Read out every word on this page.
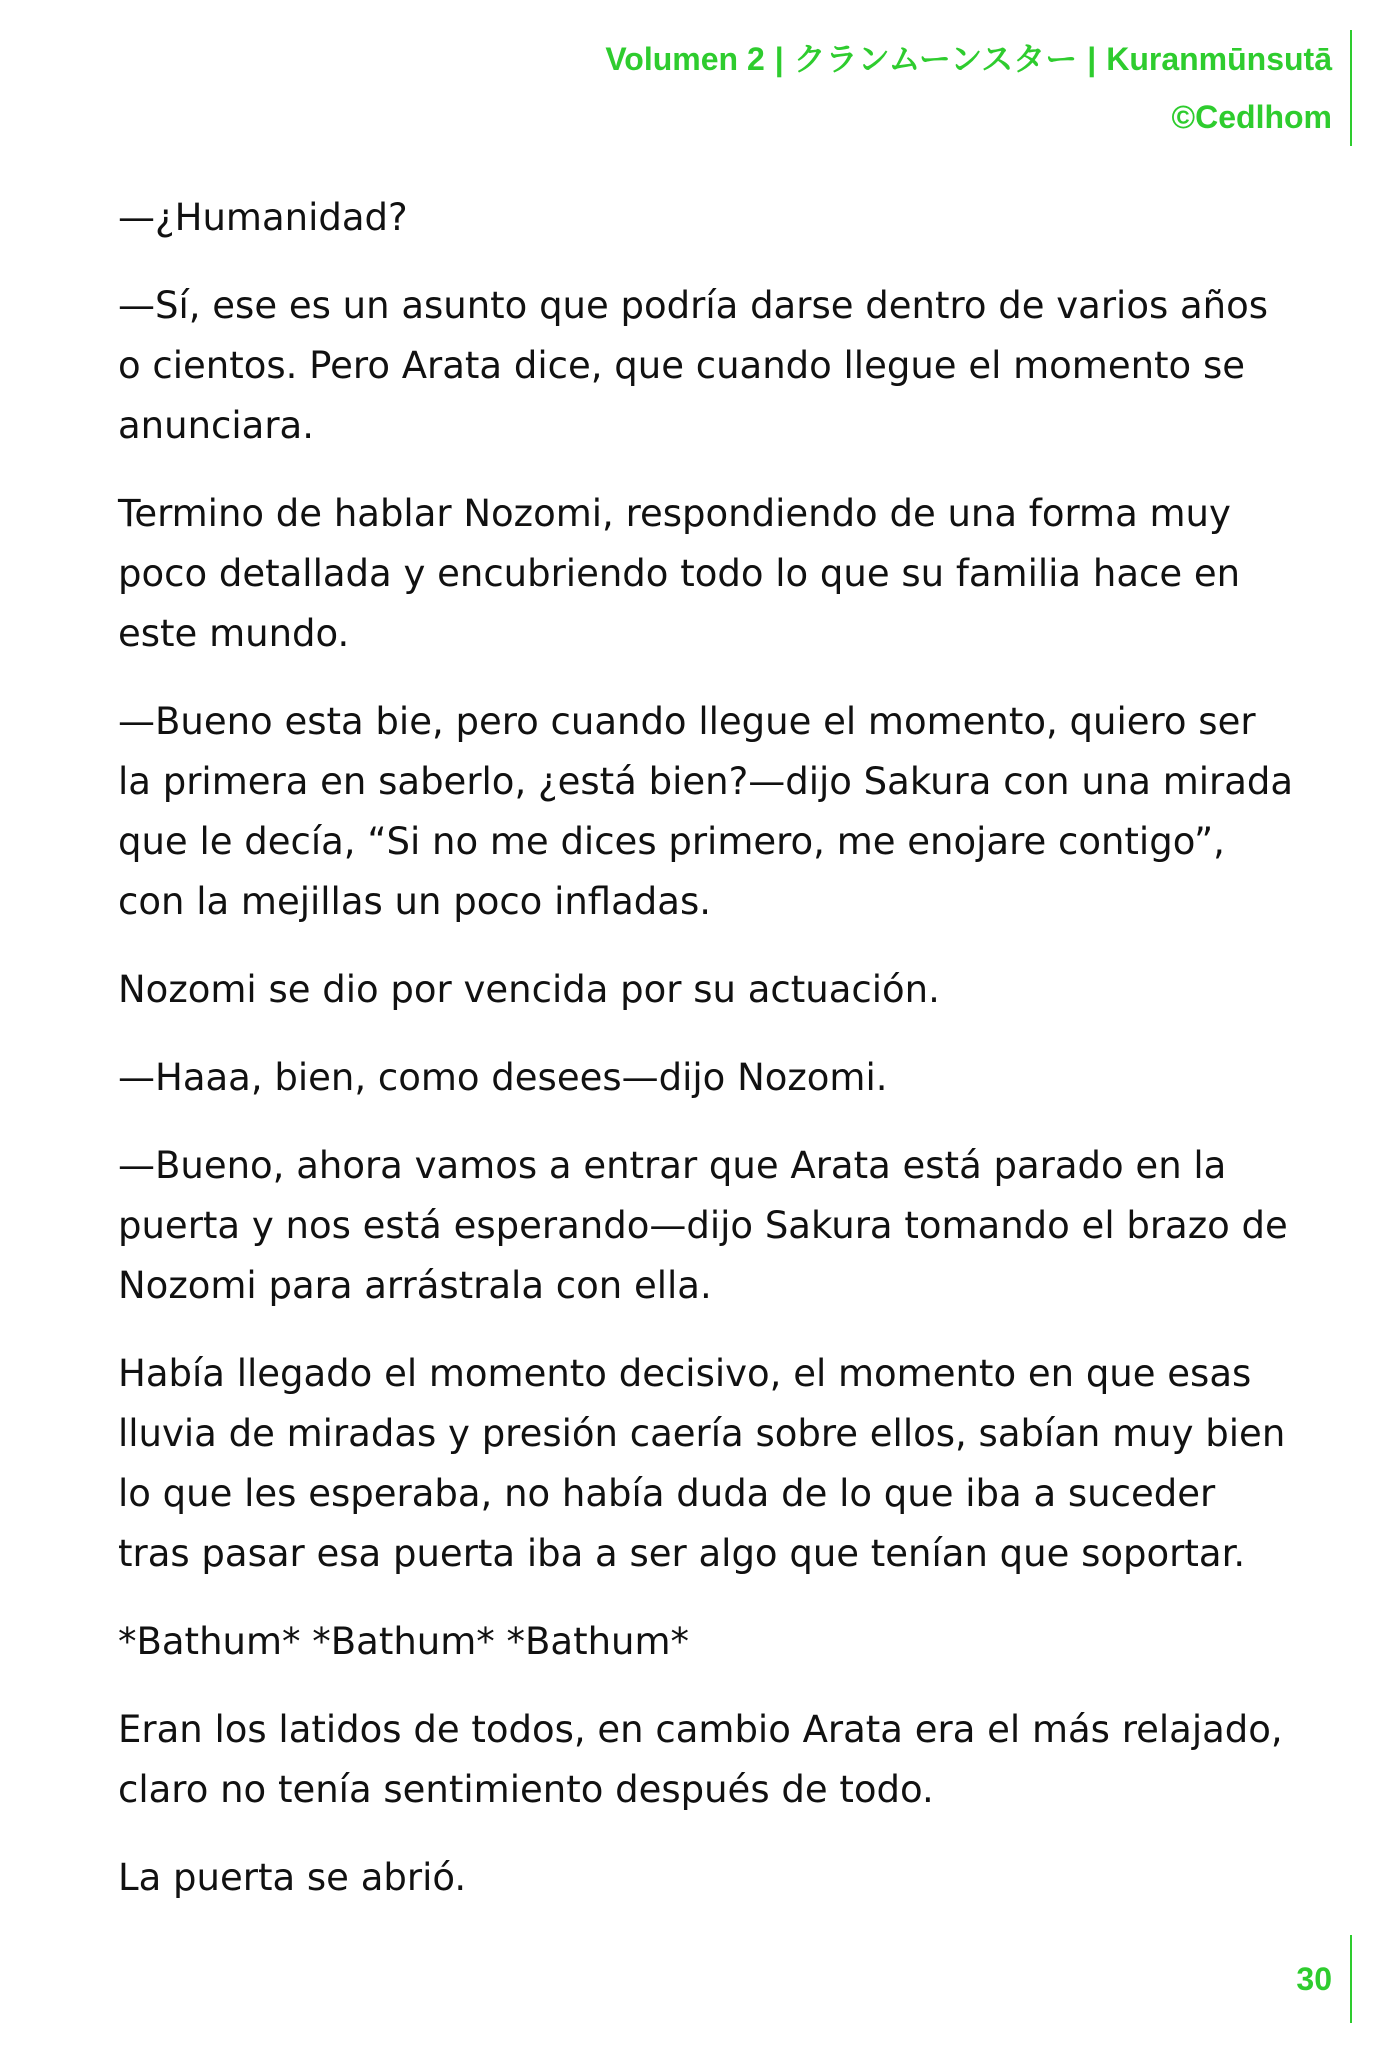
Volumen 2 | クランムーンスター | Kuranmūnsutā
©Cedlhom

—¿Humanidad?

—Sí, ese es un asunto que podría darse dentro de varios años o cientos. Pero Arata dice, que cuando llegue el momento se anunciara.

Termino de hablar Nozomi, respondiendo de una forma muy poco detallada y encubriendo todo lo que su familia hace en este mundo.

—Bueno esta bie, pero cuando llegue el momento, quiero ser la primera en saberlo, ¿está bien?—dijo Sakura con una mirada que le decía, “Si no me dices primero, me enojare contigo”, con la mejillas un poco infladas.

Nozomi se dio por vencida por su actuación.

—Haaa, bien, como desees—dijo Nozomi.

—Bueno, ahora vamos a entrar que Arata está parado en la puerta y nos está esperando—dijo Sakura tomando el brazo de Nozomi para arrástrala con ella.

Había llegado el momento decisivo, el momento en que esas lluvia de miradas y presión caería sobre ellos, sabían muy bien lo que les esperaba, no había duda de lo que iba a suceder tras pasar esa puerta iba a ser algo que tenían que soportar.

*Bathum* *Bathum* *Bathum*

Eran los latidos de todos, en cambio Arata era el más relajado, claro no tenía sentimiento después de todo.

La puerta se abrió.

30
